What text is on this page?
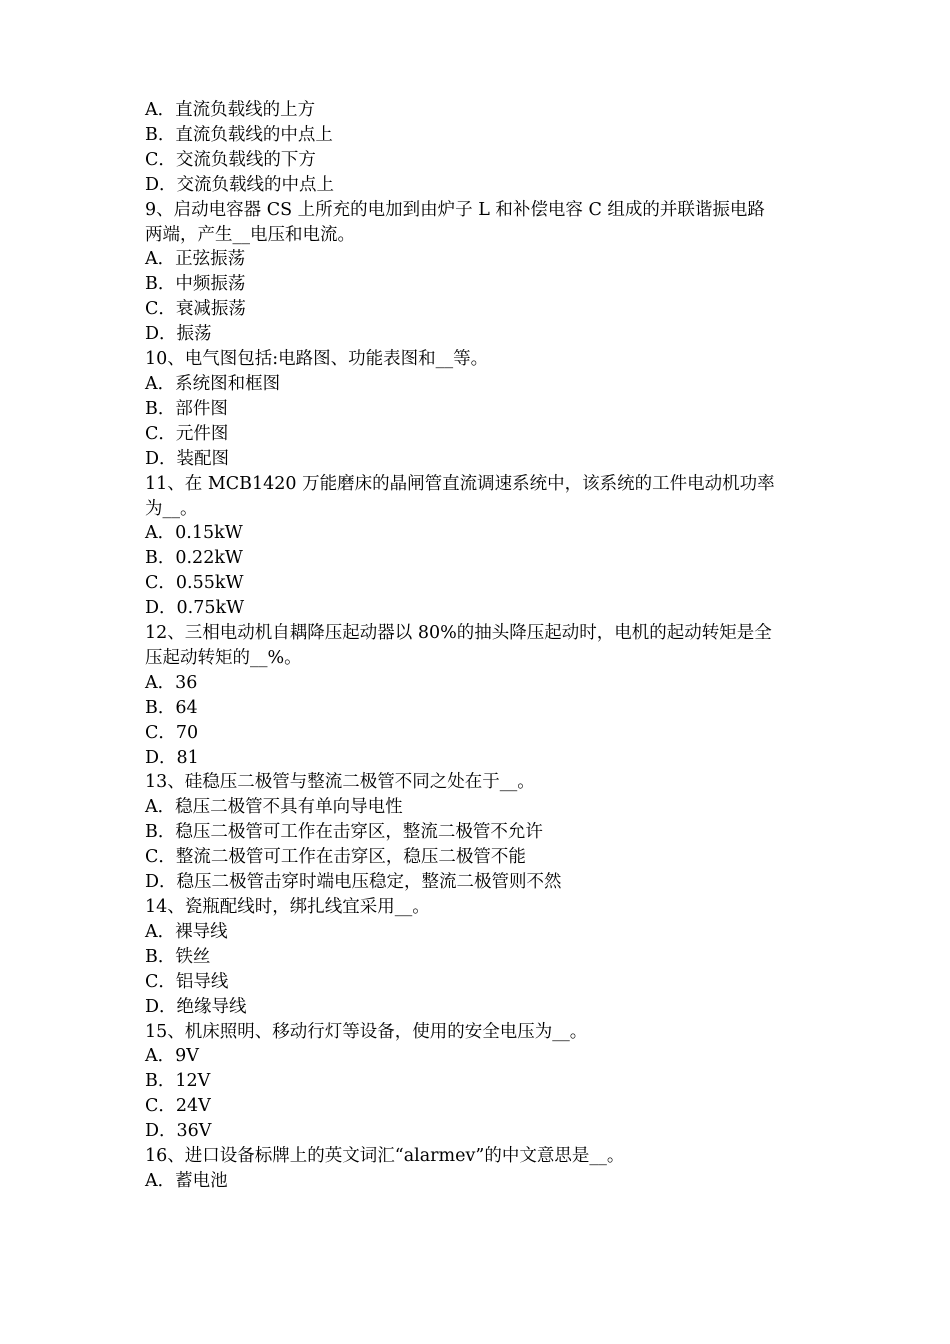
A．直流负载线的上方
B．直流负载线的中点上
C．交流负载线的下方
D．交流负载线的中点上
9、启动电容器 CS 上所充的电加到由炉子 L 和补偿电容 C 组成的并联谐振电路
两端，产生__电压和电流。
A．正弦振荡
B．中频振荡
C．衰减振荡
D．振荡
10、电气图包括:电路图、功能表图和__等。
A．系统图和框图
B．部件图
C．元件图
D．装配图
11、在 MCB1420 万能磨床的晶闸管直流调速系统中，该系统的工件电动机功率
为__。
A．0.15kW
B．0.22kW
C．0.55kW
D．0.75kW
12、三相电动机自耦降压起动器以 80%的抽头降压起动时，电机的起动转矩是全
压起动转矩的__%。
A．36
B．64
C．70
D．81
13、硅稳压二极管与整流二极管不同之处在于__。
A．稳压二极管不具有单向导电性
B．稳压二极管可工作在击穿区，整流二极管不允许
C．整流二极管可工作在击穿区，稳压二极管不能
D．稳压二极管击穿时端电压稳定，整流二极管则不然
14、瓷瓶配线时，绑扎线宜采用__。
A．裸导线
B．铁丝
C．铝导线
D．绝缘导线
15、机床照明、移动行灯等设备，使用的安全电压为__。
A．9V
B．12V
C．24V
D．36V
16、进口设备标牌上的英文词汇“alarmev”的中文意思是__。
A．蓄电池
